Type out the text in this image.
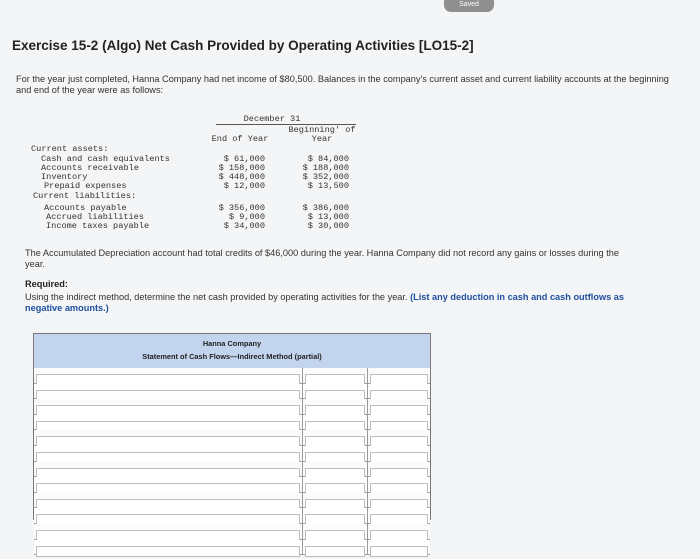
Saved
Exercise 15-2 (Algo) Net Cash Provided by Operating Activities [LO15-2]
For the year just completed, Hanna Company had net income of $80,500. Balances in the company's current asset and current liability accounts at the beginning and end of the year were as follows:
December 31
Beginning' of
End of Year	Year
Current assets:
Cash and cash equivalents	$ 61,000	$ 84,000
Accounts receivable	$ 158,000	$ 188,000
Inventory	$ 448,000	$ 352,000
Prepaid expenses	$ 12,000	$ 13,500
Current liabilities:
Accounts payable	$ 356,000	$ 386,000
Accrued liabilities	$ 9,000	$ 13,000
Income taxes payable	$ 34,000	$ 30,000
The Accumulated Depreciation account had total credits of $46,000 during the year. Hanna Company did not record any gains or losses during the year.
Required:
Using the indirect method, determine the net cash provided by operating activities for the year. (List any deduction in cash and cash outflows as negative amounts.)
Hanna Company
Statement of Cash Flows—Indirect Method (partial)
